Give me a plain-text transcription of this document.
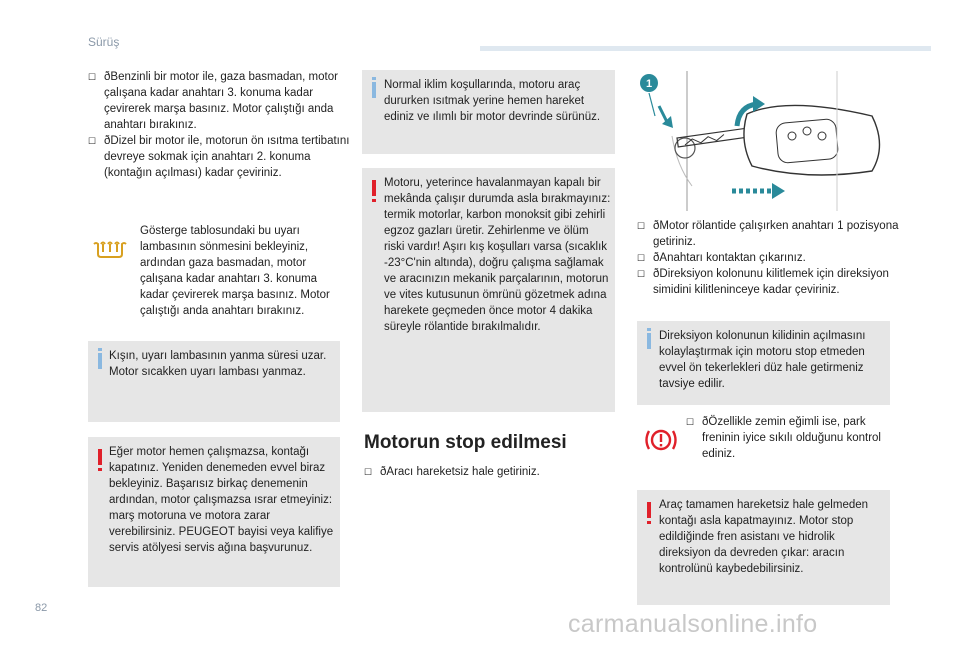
Sürüş
ð ☐ Benzinli bir motor ile, gaza basmadan, motor çalışana kadar anahtarı 3. konuma kadar çevirerek marşa basınız. Motor çalıştığı anda anahtarı bırakınız.
ð ☐ Dizel bir motor ile, motorun ön ısıtma tertibatını devreye sokmak için anahtarı 2. konuma (kontağın açılması) kadar çeviriniz.
Gösterge tablosundaki bu uyarı lambasının sönmesini bekleyiniz, ardından gaza basmadan, motor çalışana kadar anahtarı 3. konuma kadar çevirerek marşa basınız. Motor çalıştığı anda anahtarı bırakınız.

Kışın, uyarı lambasının yanma süresi uzar. Motor sıcakken uyarı lambası yanmaz.

Eğer motor hemen çalışmazsa, kontağı kapatınız. Yeniden denemeden evvel biraz bekleyiniz. Başarısız birkaç denemenin ardından, motor çalışmazsa ısrar etmeyiniz: marş motoruna ve motora zarar verebilirsiniz. PEUGEOT bayisi veya kalifiye servis atölyesi servis ağına başvurunuz.

Normal iklim koşullarında, motoru araç dururken ısıtmak yerine hemen hareket ediniz ve ılımlı bir motor devrinde sürünüz.

Motoru, yeterince havalanmayan kapalı bir mekânda çalışır durumda asla bırakmayınız: termik motorlar, karbon monoksit gibi zehirli egzoz gazları üretir. Zehirlenme ve ölüm riski vardır! Aşırı kış koşulları varsa (sıcaklık -23°C'nin altında), doğru çalışma sağlamak ve aracınızın mekanik parçalarının, motorun ve vites kutusunun ömrünü gözetmek adına harekete geçmeden önce motor 4 dakika süreyle rölantide bırakılmalıdır.

Motorun stop edilmesi
ð ☐ Aracı hareketsiz hale getiriniz.
1
ð ☐ Motor rölantide çalışırken anahtarı 1 pozisyona getiriniz.
ð ☐ Anahtarı kontaktan çıkarınız.
ð ☐ Direksiyon kolonunu kilitlemek için direksiyon simidini kilitleninceye kadar çeviriniz.

Direksiyon kolonunun kilidinin açılmasını kolaylaştırmak için motoru stop etmeden evvel ön tekerlekleri düz hale getirmeniz tavsiye edilir.

ð ☐ Özellikle zemin eğimli ise, park freninin iyice sıkılı olduğunu kontrol ediniz.

Araç tamamen hareketsiz hale gelmeden kontağı asla kapatmayınız. Motor stop edildiğinde fren asistanı ve hidrolik direksiyon da devreden çıkar: aracın kontrolünü kaybedebilirsiniz.

82
carmanualsonline.info
